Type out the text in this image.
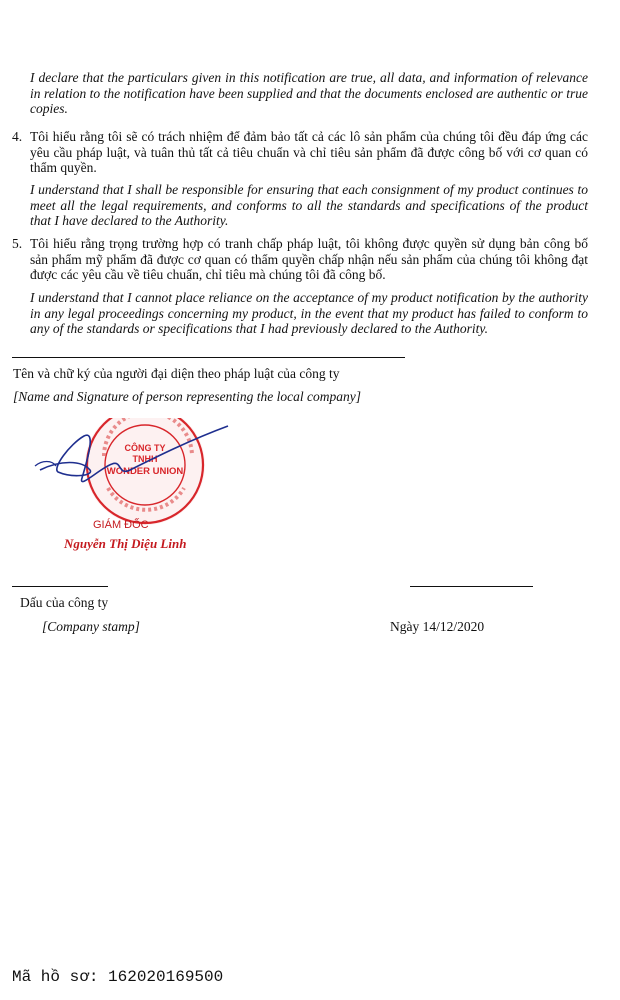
I declare that the particulars given in this notification are true, all data, and information of relevance in relation to the notification have been supplied and that the documents enclosed are authentic or true copies.

4. Tôi hiểu rằng tôi sẽ có trách nhiệm để đảm bảo tất cả các lô sản phẩm của chúng tôi đều đáp ứng các yêu cầu pháp luật, và tuân thủ tất cả tiêu chuẩn và chỉ tiêu sản phẩm đã được công bố với cơ quan có thẩm quyền.

I understand that I shall be responsible for ensuring that each consignment of my product continues to meet all the legal requirements, and conforms to all the standards and specifications of the product that I have declared to the Authority.

5. Tôi hiểu rằng trọng trường hợp có tranh chấp pháp luật, tôi không được quyền sử dụng bản công bố sản phẩm mỹ phẩm đã được cơ quan có thẩm quyền chấp nhận nếu sản phẩm của chúng tôi không đạt được các yêu cầu về tiêu chuẩn, chỉ tiêu mà chúng tôi đã công bố.

I understand that I cannot place reliance on the acceptance of my product notification by the authority in any legal proceedings concerning my product, in the event that my product has failed to conform to any of the standards or specifications that I had previously declared to the Authority.

Tên và chữ ký của người đại diện theo pháp luật của công ty
[Name and Signature of person representing the local company]
CÔNG TY
TNHH
WONDER UNION
GIÁM ĐỐC
Nguyễn Thị Diệu Linh
Dấu của công ty
[Company stamp]	Ngày 14/12/2020
Mã hồ sơ: 162020169500
